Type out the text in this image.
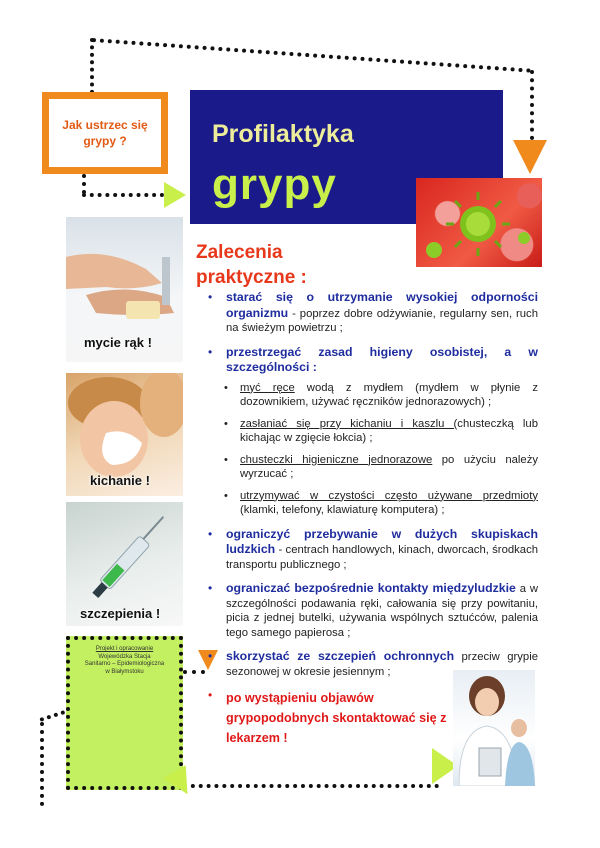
Jak ustrzec się grypy ?	Profilaktyka
grypy
mycie rąk !
kichanie !
szczepienia !
Projekt i opracowanie
Wojewódzka Stacja
Sanitarno – Epidemiologiczna
w Białymstoku
Zalecenia
praktyczne :
• starać się o utrzymanie wysokiej odporności organizmu - poprzez dobre odżywianie, regularny sen, ruch na świeżym powietrzu ;
• przestrzegać zasad higieny osobistej, a w szczególności :
• myć ręce wodą z mydłem (mydłem w płynie z dozownikiem, używać ręczników jednorazowych) ;
• zasłaniać się przy kichaniu i kaszlu (chusteczką lub kichając w zgięcie łokcia) ;
• chusteczki higieniczne jednorazowe po użyciu należy wyrzucać ;
• utrzymywać w czystości często używane przedmioty (klamki, telefony, klawiaturę komputera) ;
• ograniczyć przebywanie w dużych skupiskach ludzkich - centrach handlowych, kinach, dworcach, środkach transportu publicznego ;
• ograniczać bezpośrednie kontakty międzyludzkie a w szczególności podawania ręki, całowania się przy powitaniu, picia z jednej butelki, używania wspólnych sztućców, palenia tego samego papierosa ;
• skorzystać ze szczepień ochronnych przeciw grypie sezonowej w okresie jesiennym ;
• po wystąpieniu objawów grypopodobnych skontaktować się z lekarzem !
